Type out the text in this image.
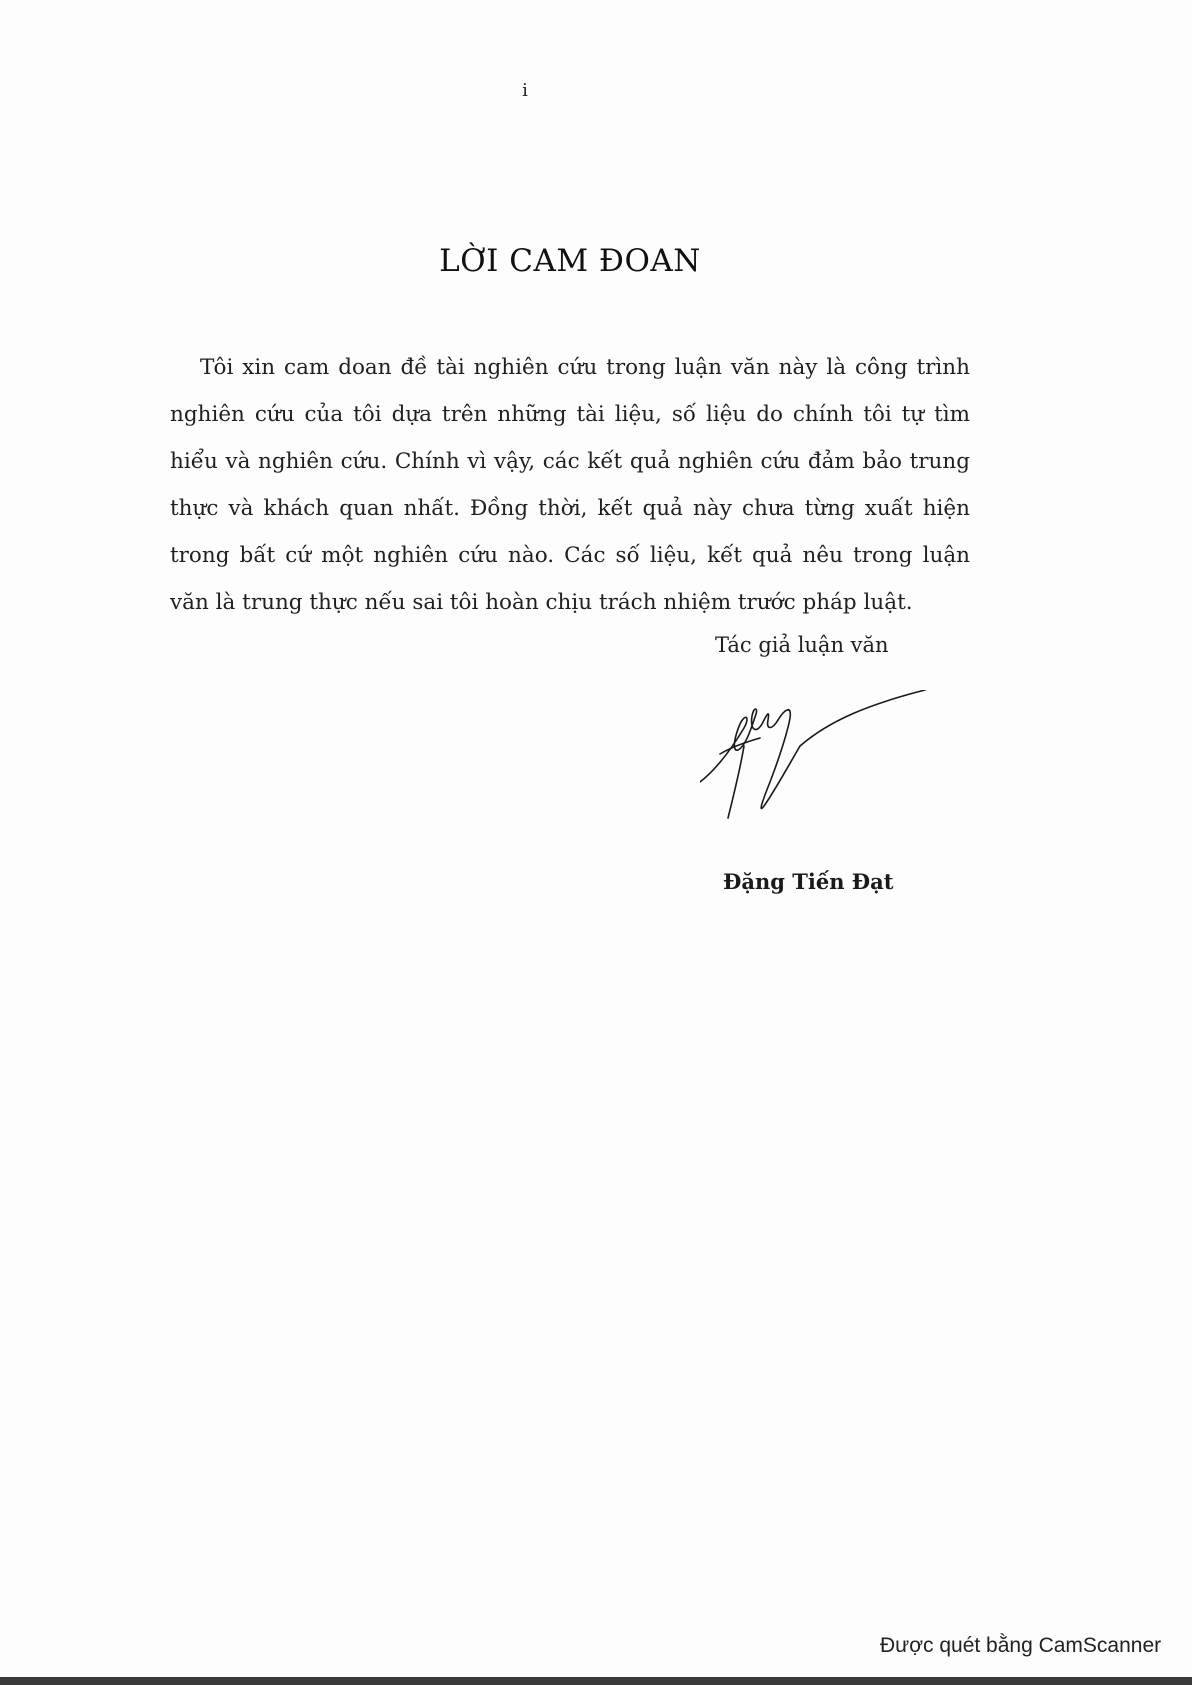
i
LỜI CAM ĐOAN

Tôi xin cam doan đề tài nghiên cứu trong luận văn này là công trình nghiên cứu của tôi dựa trên những tài liệu, số liệu do chính tôi tự tìm hiểu và nghiên cứu. Chính vì vậy, các kết quả nghiên cứu đảm bảo trung thực và khách quan nhất. Đồng thời, kết quả này chưa từng xuất hiện trong bất cứ một nghiên cứu nào. Các số liệu, kết quả nêu trong luận văn là trung thực nếu sai tôi hoàn chịu trách nhiệm trước pháp luật.

Tác giả luận văn
Đặng Tiến Đạt
Được quét bằng CamScanner
